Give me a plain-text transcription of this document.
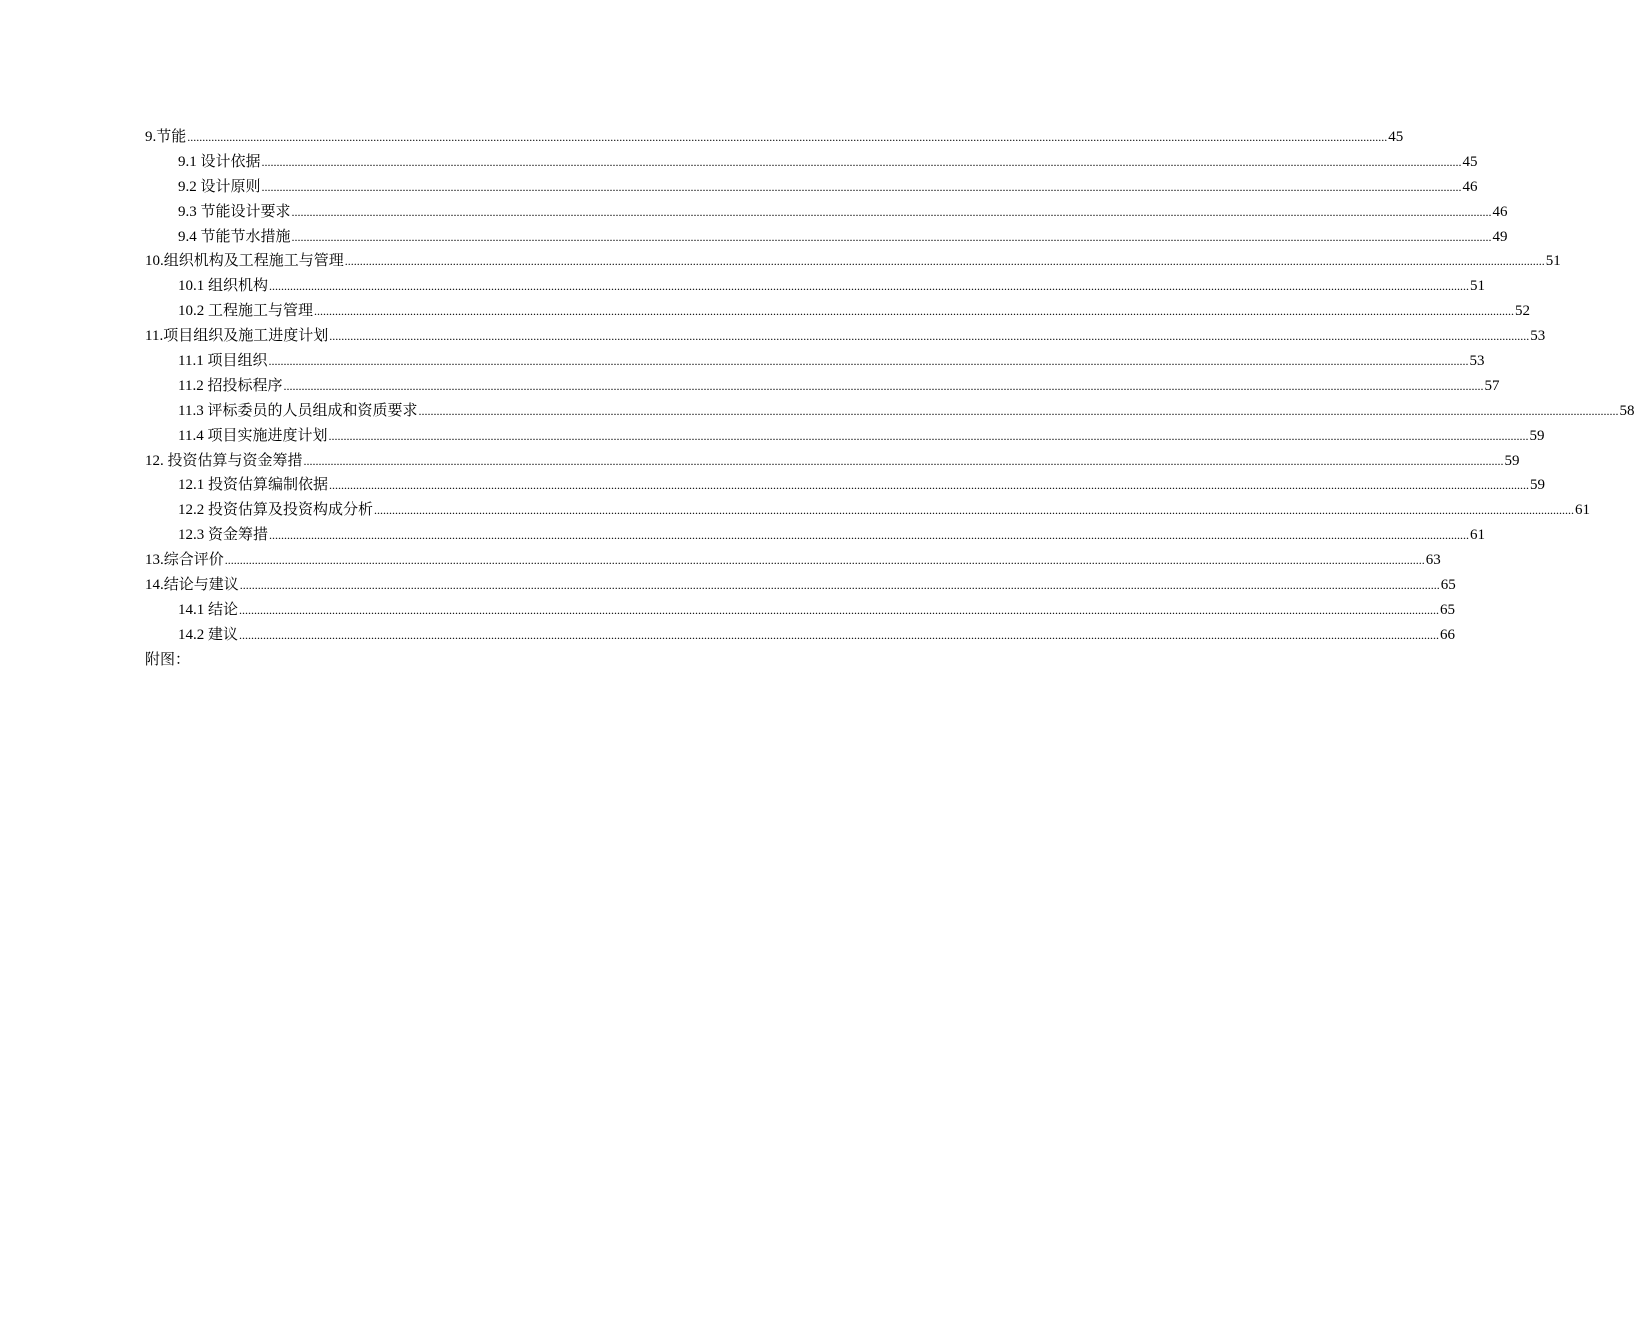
9.节能 ................................................................................................................................................................................................................................................................................................................................................................................................................ 45
9.1 设计依据 ................................................................................................................................................................................................................................................................................................................................................................................................................ 45
9.2 设计原则 ................................................................................................................................................................................................................................................................................................................................................................................................................ 46
9.3 节能设计要求 ................................................................................................................................................................................................................................................................................................................................................................................................................ 46
9.4 节能节水措施 ................................................................................................................................................................................................................................................................................................................................................................................................................ 49
10.组织机构及工程施工与管理 ................................................................................................................................................................................................................................................................................................................................................................................................................ 51
10.1 组织机构 ................................................................................................................................................................................................................................................................................................................................................................................................................ 51
10.2 工程施工与管理 ................................................................................................................................................................................................................................................................................................................................................................................................................ 52
11.项目组织及施工进度计划 ................................................................................................................................................................................................................................................................................................................................................................................................................ 53
11.1 项目组织 ................................................................................................................................................................................................................................................................................................................................................................................................................ 53
11.2 招投标程序 ................................................................................................................................................................................................................................................................................................................................................................................................................ 57
11.3 评标委员的人员组成和资质要求 ................................................................................................................................................................................................................................................................................................................................................................................................................ 58
11.4 项目实施进度计划 ................................................................................................................................................................................................................................................................................................................................................................................................................ 59
12. 投资估算与资金筹措 ................................................................................................................................................................................................................................................................................................................................................................................................................ 59
12.1 投资估算编制依据 ................................................................................................................................................................................................................................................................................................................................................................................................................ 59
12.2 投资估算及投资构成分析 ................................................................................................................................................................................................................................................................................................................................................................................................................ 61
12.3 资金筹措 ................................................................................................................................................................................................................................................................................................................................................................................................................ 61
13.综合评价 ................................................................................................................................................................................................................................................................................................................................................................................................................ 63
14.结论与建议 ................................................................................................................................................................................................................................................................................................................................................................................................................ 65
14.1 结论 ................................................................................................................................................................................................................................................................................................................................................................................................................ 65
14.2 建议 ................................................................................................................................................................................................................................................................................................................................................................................................................ 66
附图：
